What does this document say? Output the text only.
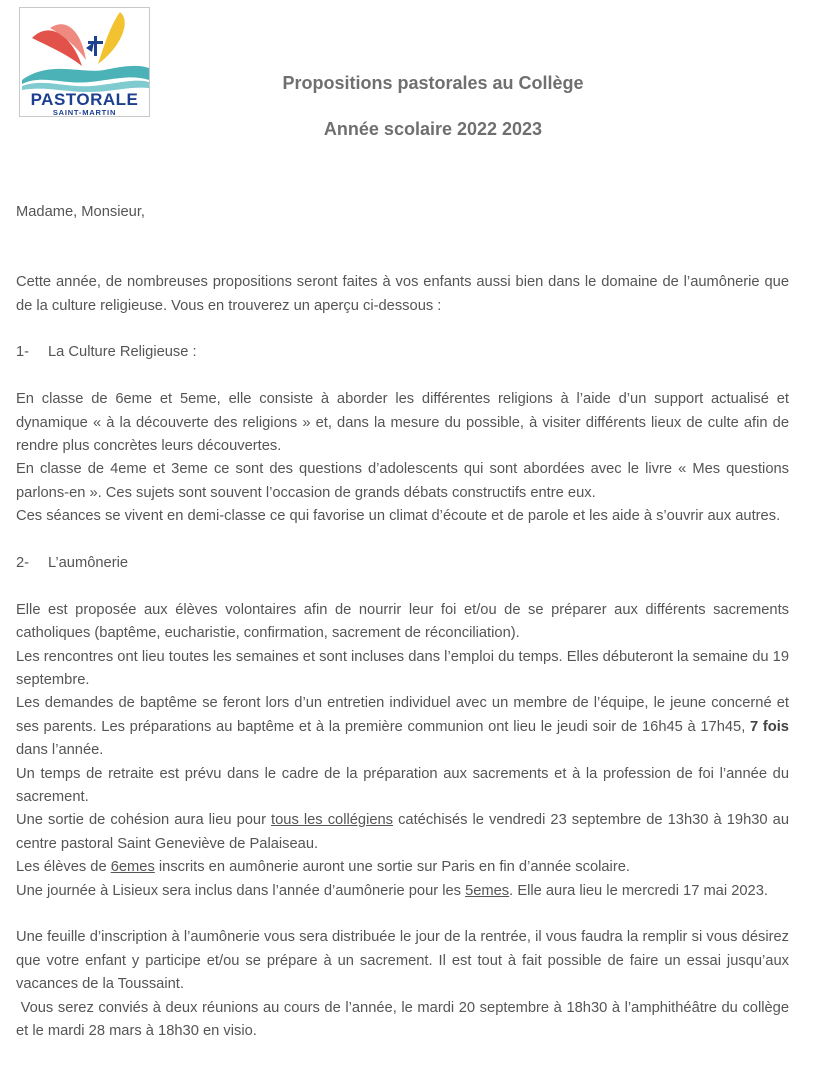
PASTORALE
SAINT-MARTIN
Propositions pastorales au Collège
Année scolaire 2022 2023

Madame, Monsieur,

Cette année, de nombreuses propositions seront faites à vos enfants aussi bien dans le domaine de l’aumônerie que de la culture religieuse. Vous en trouverez un aperçu ci-dessous :

1- La Culture Religieuse :

En classe de 6eme et 5eme, elle consiste à aborder les différentes religions à l’aide d’un support actualisé et dynamique « à la découverte des religions » et, dans la mesure du possible, à visiter différents lieux de culte afin de rendre plus concrètes leurs découvertes.

En classe de 4eme et 3eme ce sont des questions d’adolescents qui sont abordées avec le livre « Mes questions parlons-en ». Ces sujets sont souvent l’occasion de grands débats constructifs entre eux.

Ces séances se vivent en demi-classe ce qui favorise un climat d’écoute et de parole et les aide à s’ouvrir aux autres.

2- L’aumônerie

Elle est proposée aux élèves volontaires afin de nourrir leur foi et/ou de se préparer aux différents sacrements catholiques (baptême, eucharistie, confirmation, sacrement de réconciliation).

Les rencontres ont lieu toutes les semaines et sont incluses dans l’emploi du temps. Elles débuteront la semaine du 19 septembre.

Les demandes de baptême se feront lors d’un entretien individuel avec un membre de l’équipe, le jeune concerné et ses parents. Les préparations au baptême et à la première communion ont lieu le jeudi soir de 16h45 à 17h45, 7 fois dans l’année.

Un temps de retraite est prévu dans le cadre de la préparation aux sacrements et à la profession de foi l’année du sacrement.

Une sortie de cohésion aura lieu pour tous les collégiens catéchisés le vendredi 23 septembre de 13h30 à 19h30 au centre pastoral Saint Geneviève de Palaiseau.

Les élèves de 6emes inscrits en aumônerie auront une sortie sur Paris en fin d’année scolaire.

Une journée à Lisieux sera inclus dans l’année d’aumônerie pour les 5emes. Elle aura lieu le mercredi 17 mai 2023.

Une feuille d’inscription à l’aumônerie vous sera distribuée le jour de la rentrée, il vous faudra la remplir si vous désirez que votre enfant y participe et/ou se prépare à un sacrement. Il est tout à fait possible de faire un essai jusqu’aux vacances de la Toussaint.

Vous serez conviés à deux réunions au cours de l’année, le mardi 20 septembre à 18h30 à l’amphithéâtre du collège et le mardi 28 mars à 18h30 en visio.
